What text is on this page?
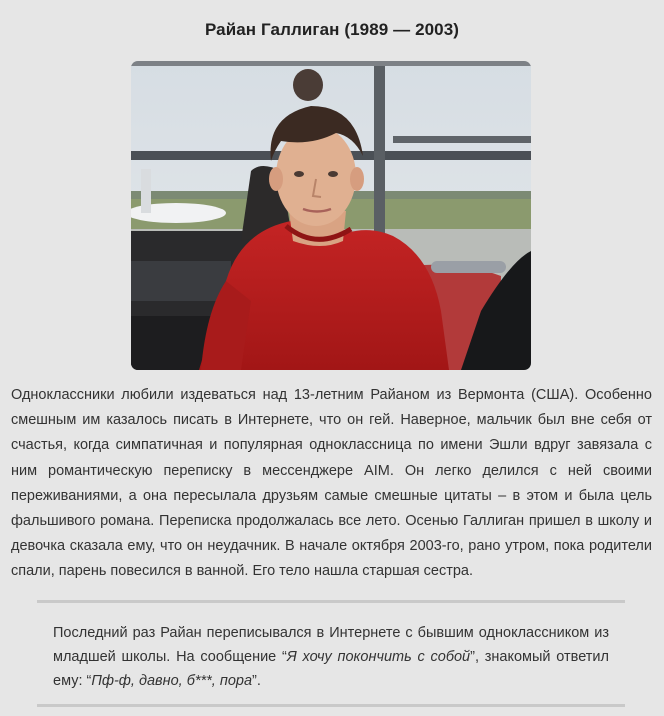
Райан Галлиган (1989 — 2003)

Одноклассники любили издеваться над 13-летним Райаном из Вермонта (США). Особенно смешным им казалось писать в Интернете, что он гей. Наверное, мальчик был вне себя от счастья, когда симпатичная и популярная одноклассница по имени Эшли вдруг завязала с ним романтическую переписку в мессенджере AIM. Он легко делился с ней своими переживаниями, а она пересылала друзьям самые смешные цитаты – в этом и была цель фальшивого романа. Переписка продолжалась все лето. Осенью Галлиган пришел в школу и девочка сказала ему, что он неудачник. В начале октября 2003-го, рано утром, пока родители спали, парень повесился в ванной. Его тело нашла старшая сестра.

Последний раз Райан переписывался в Интернете с бывшим одноклассником из младшей школы. На сообщение “Я хочу покончить с собой”, знакомый ответил ему: “Пф-ф, давно, б***, пора”.
